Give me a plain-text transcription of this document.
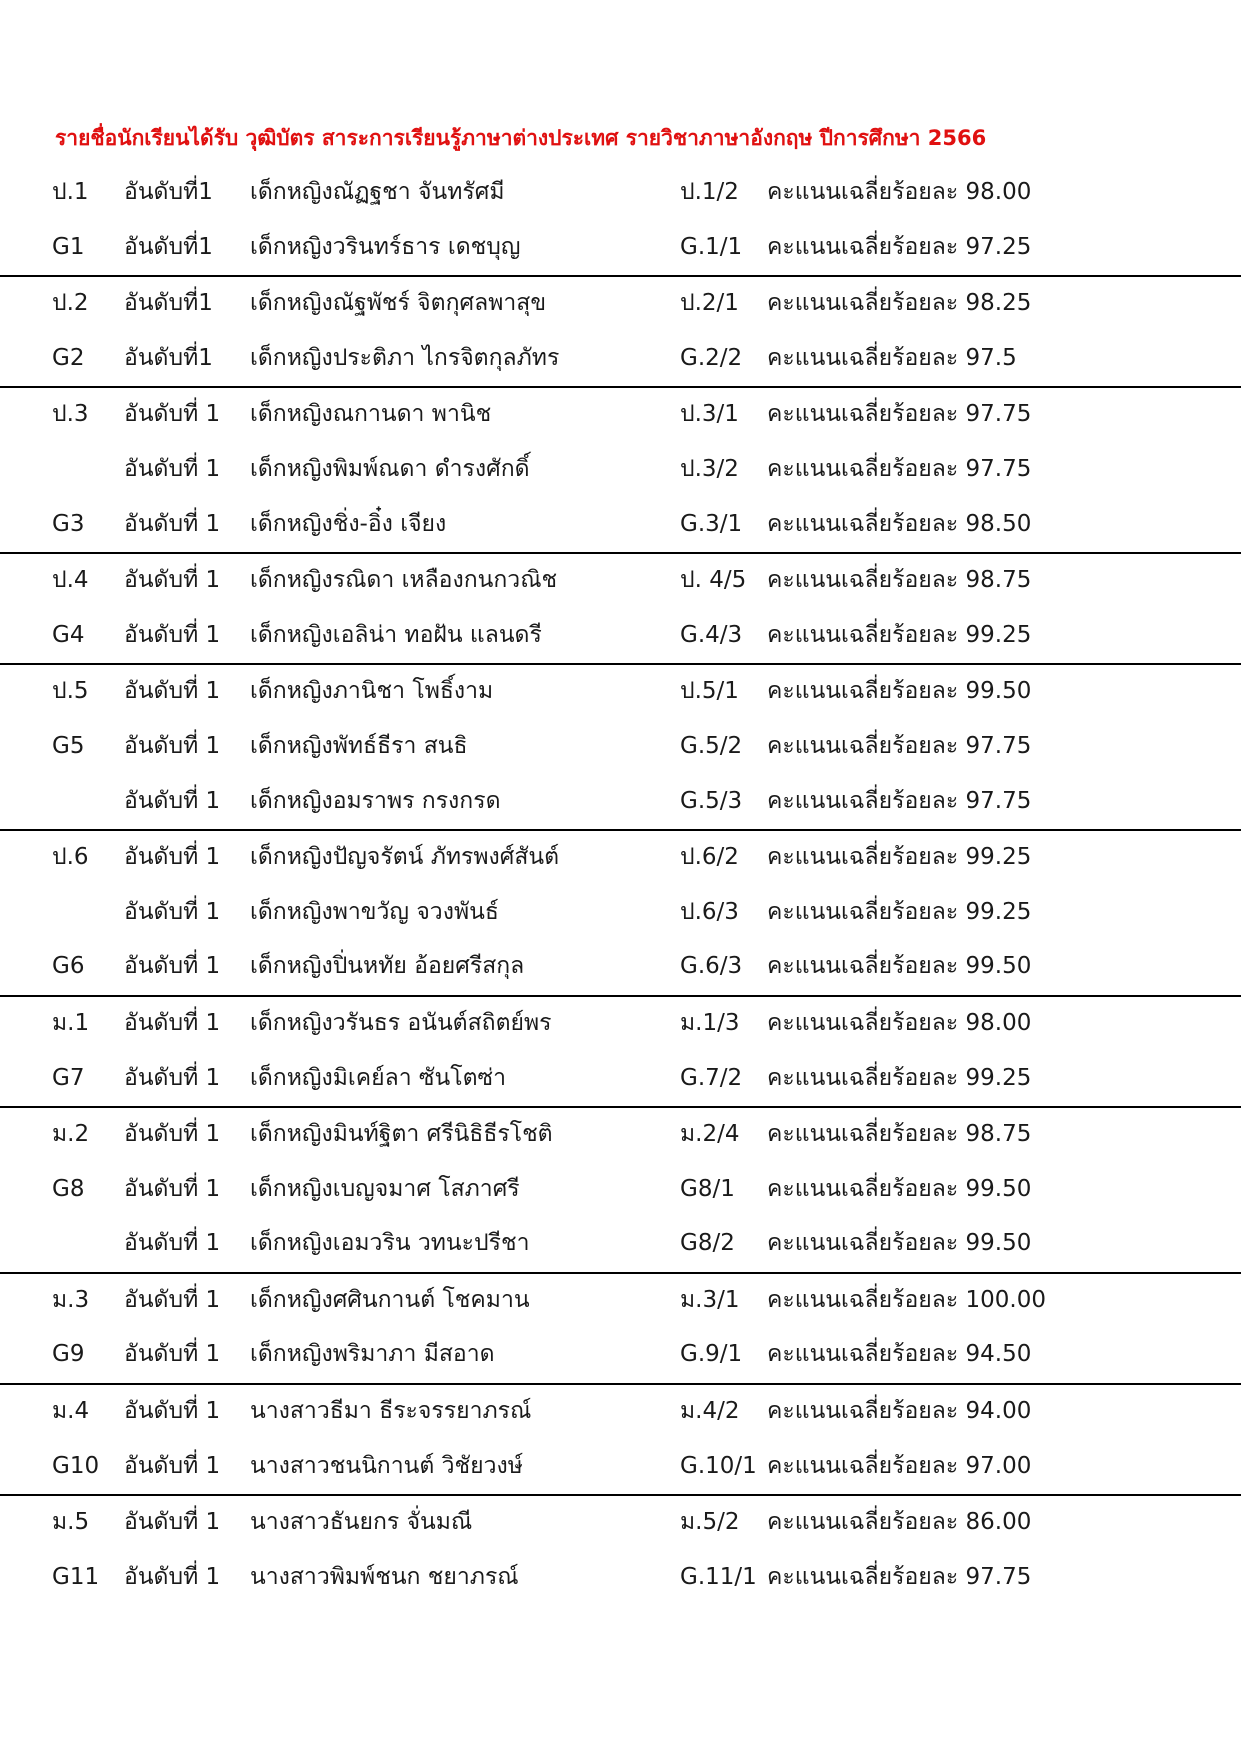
รายชื่อนักเรียนได้รับ วุฒิบัตร สาระการเรียนรู้ภาษาต่างประเทศ รายวิชาภาษาอังกฤษ ปีการศึกษา 2566
ป.1 อันดับที่1 เด็กหญิงณัฏฐชา จันทรัศมี	ป.1/2 คะแนนเฉลี่ยร้อยละ 98.00
G1 อันดับที่1 เด็กหญิงวรินทร์ธาร เดชบุญ	G.1/1 คะแนนเฉลี่ยร้อยละ 97.25
ป.2 อันดับที่1 เด็กหญิงณัฐพัชร์ จิตกุศลพาสุข	ป.2/1 คะแนนเฉลี่ยร้อยละ 98.25
G2 อันดับที่1 เด็กหญิงประติภา ไกรจิตกุลภัทร	G.2/2 คะแนนเฉลี่ยร้อยละ 97.5
ป.3 อันดับที่ 1 เด็กหญิงณกานดา พานิช	ป.3/1 คะแนนเฉลี่ยร้อยละ 97.75
อันดับที่ 1 เด็กหญิงพิมพ์ณดา ดำรงศักดิ์	ป.3/2 คะแนนเฉลี่ยร้อยละ 97.75
G3 อันดับที่ 1 เด็กหญิงชิ่ง-อิ๋ง เจียง	G.3/1 คะแนนเฉลี่ยร้อยละ 98.50
ป.4 อันดับที่ 1 เด็กหญิงรณิดา เหลืองกนกวณิช	ป. 4/5 คะแนนเฉลี่ยร้อยละ 98.75
G4 อันดับที่ 1 เด็กหญิงเอลิน่า ทอฝัน แลนดรี	G.4/3 คะแนนเฉลี่ยร้อยละ 99.25
ป.5 อันดับที่ 1 เด็กหญิงภานิชา โพธิ์งาม	ป.5/1 คะแนนเฉลี่ยร้อยละ 99.50
G5 อันดับที่ 1 เด็กหญิงพัทธ์ธีรา สนธิ	G.5/2 คะแนนเฉลี่ยร้อยละ 97.75
อันดับที่ 1 เด็กหญิงอมราพร กรงกรด	G.5/3 คะแนนเฉลี่ยร้อยละ 97.75
ป.6 อันดับที่ 1 เด็กหญิงปัญจรัตน์ ภัทรพงศ์สันต์	ป.6/2 คะแนนเฉลี่ยร้อยละ 99.25
อันดับที่ 1 เด็กหญิงพาขวัญ จวงพันธ์	ป.6/3 คะแนนเฉลี่ยร้อยละ 99.25
G6 อันดับที่ 1 เด็กหญิงปิ่นหทัย อ้อยศรีสกุล	G.6/3 คะแนนเฉลี่ยร้อยละ 99.50
ม.1 อันดับที่ 1 เด็กหญิงวรันธร อนันต์สถิตย์พร	ม.1/3 คะแนนเฉลี่ยร้อยละ 98.00
G7 อันดับที่ 1 เด็กหญิงมิเคย์ลา ซันโตซ่า	G.7/2 คะแนนเฉลี่ยร้อยละ 99.25
ม.2 อันดับที่ 1 เด็กหญิงมินท์ฐิตา ศรีนิธิธีรโชติ	ม.2/4 คะแนนเฉลี่ยร้อยละ 98.75
G8 อันดับที่ 1 เด็กหญิงเบญจมาศ โสภาศรี	G8/1 คะแนนเฉลี่ยร้อยละ 99.50
อันดับที่ 1 เด็กหญิงเอมวริน วทนะปรีชา	G8/2 คะแนนเฉลี่ยร้อยละ 99.50
ม.3 อันดับที่ 1 เด็กหญิงศศินกานต์ โชคมาน	ม.3/1 คะแนนเฉลี่ยร้อยละ 100.00
G9 อันดับที่ 1 เด็กหญิงพริมาภา มีสอาด	G.9/1 คะแนนเฉลี่ยร้อยละ 94.50
ม.4 อันดับที่ 1 นางสาวธีมา ธีระจรรยาภรณ์	ม.4/2 คะแนนเฉลี่ยร้อยละ 94.00
G10 อันดับที่ 1 นางสาวชนนิกานต์ วิชัยวงษ์	G.10/1 คะแนนเฉลี่ยร้อยละ 97.00
ม.5 อันดับที่ 1 นางสาวธันยกร จั่นมณี	ม.5/2 คะแนนเฉลี่ยร้อยละ 86.00
G11 อันดับที่ 1 นางสาวพิมพ์ชนก ชยาภรณ์	G.11/1 คะแนนเฉลี่ยร้อยละ 97.75
